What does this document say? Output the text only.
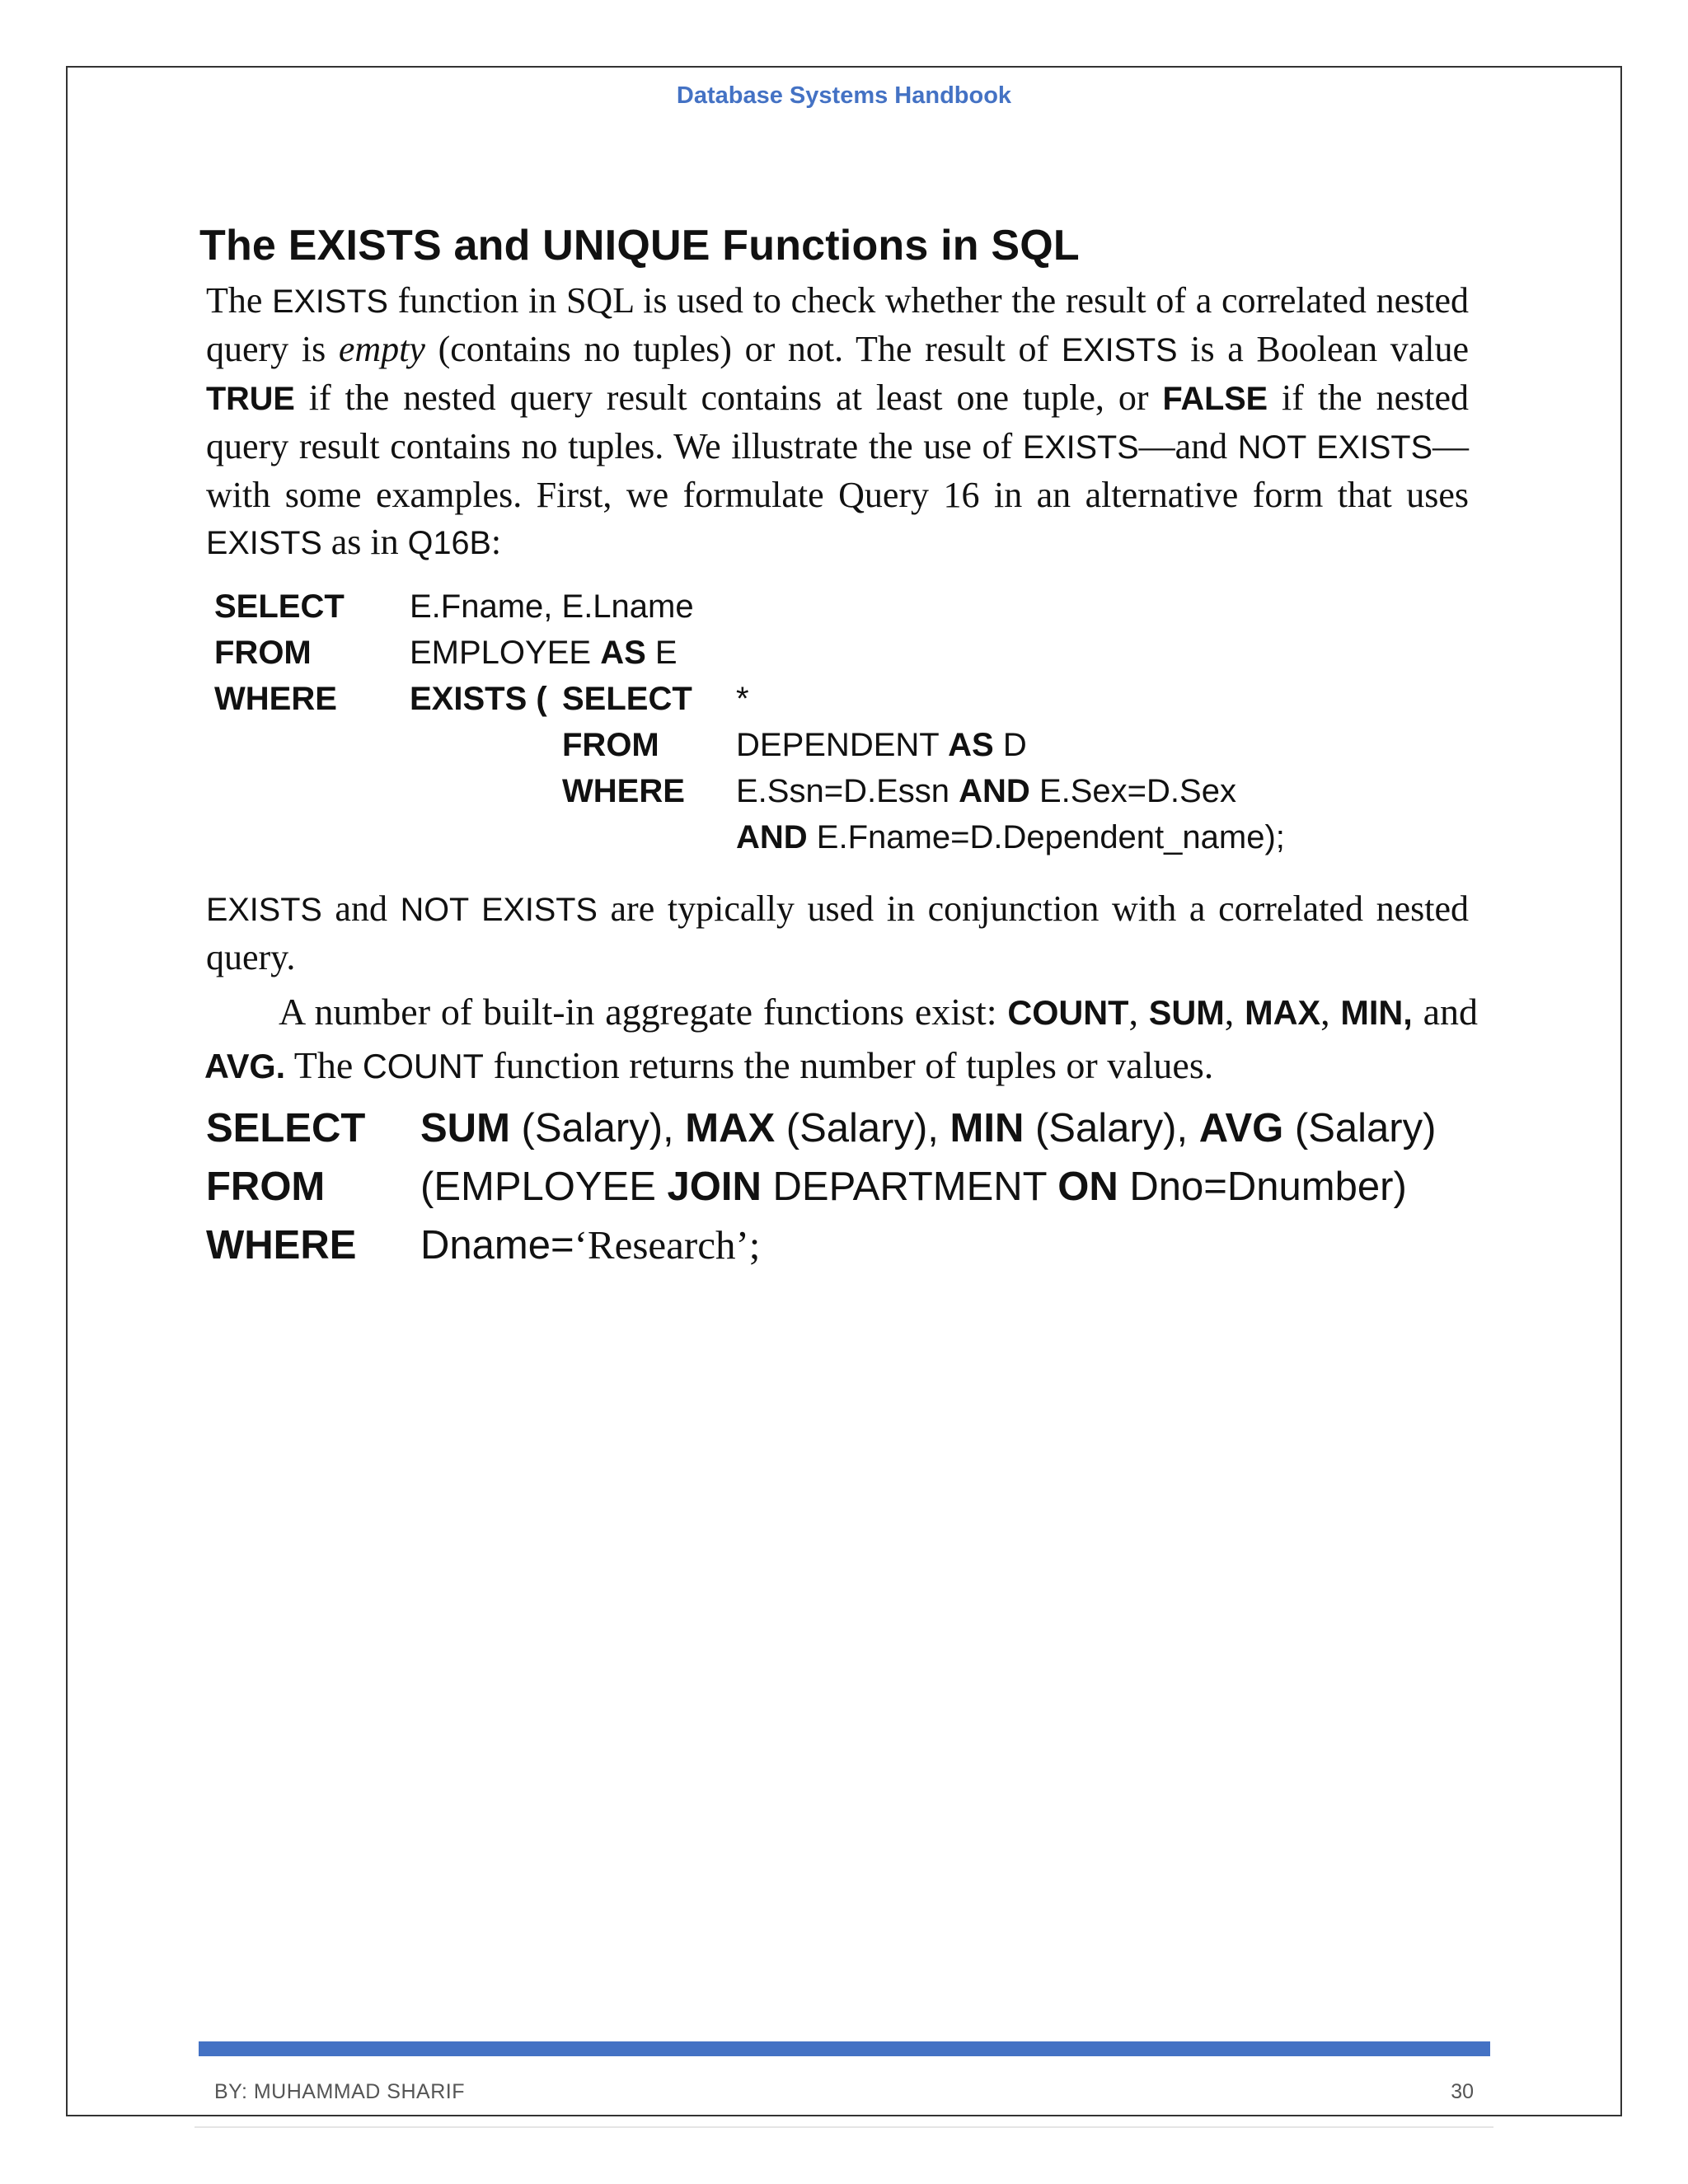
Database Systems Handbook
The EXISTS and UNIQUE Functions in SQL
The EXISTS function in SQL is used to check whether the result of a correlated nested query is empty (contains no tuples) or not. The result of EXISTS is a Boolean value TRUE if the nested query result contains at least one tuple, or FALSE if the nested query result contains no tuples. We illustrate the use of EXISTS—and NOT EXISTS—with some examples. First, we formulate Query 16 in an alternative form that uses EXISTS as in Q16B:
SELECT E.Fname, E.Lname
FROM	EMPLOYEE AS E
WHERE EXISTS ( SELECT *
FROM DEPENDENT AS D
WHERE E.Ssn=D.Essn AND E.Sex=D.Sex
AND E.Fname=D.Dependent_name);
EXISTS and NOT EXISTS are typically used in conjunction with a correlated nested query.
A number of built-in aggregate functions exist: COUNT, SUM, MAX, MIN, and AVG. The COUNT function returns the number of tuples or values.
SELECT SUM (Salary), MAX (Salary), MIN (Salary), AVG (Salary)
FROM (EMPLOYEE JOIN DEPARTMENT ON Dno=Dnumber)
WHERE Dname=‘Research’;
BY: MUHAMMAD SHARIF	30
